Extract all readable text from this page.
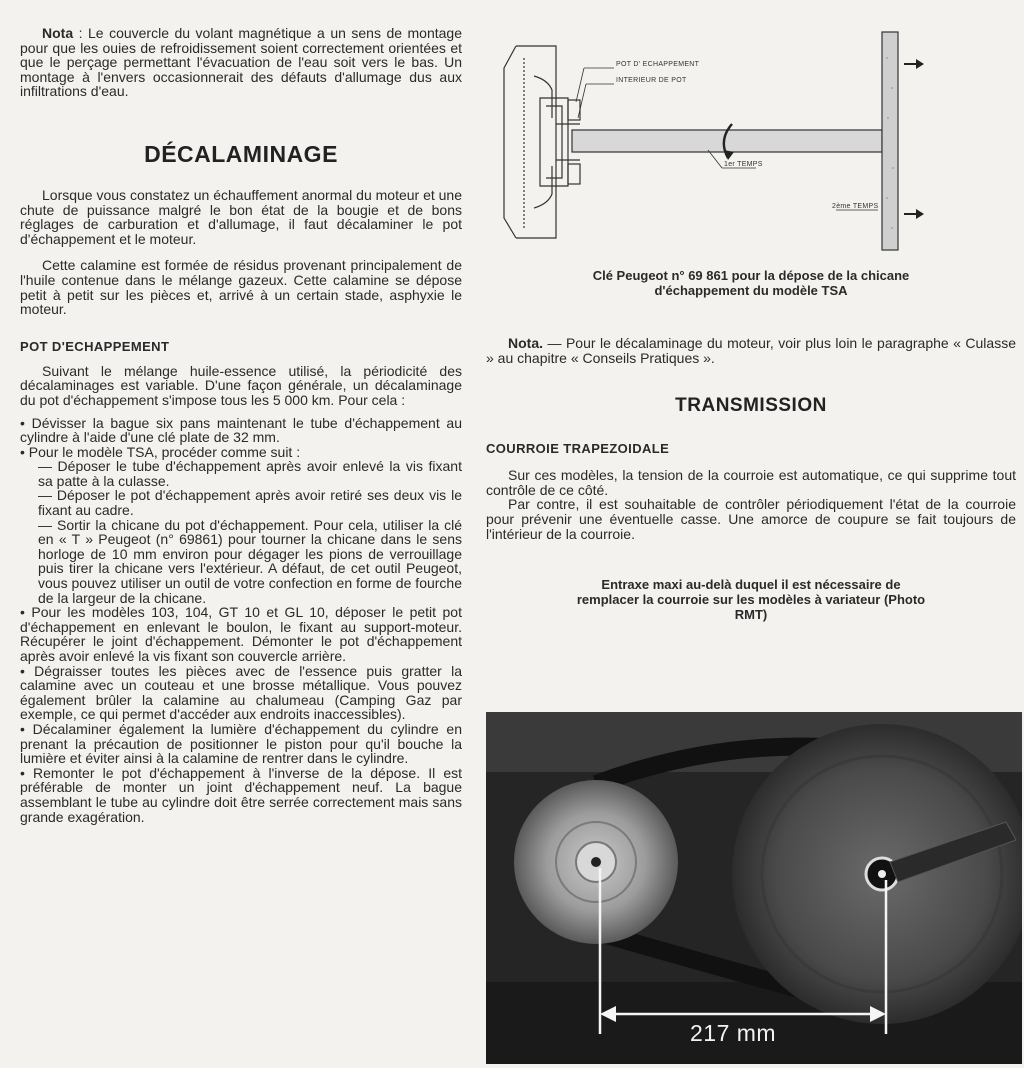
Nota : Le couvercle du volant magnétique a un sens de montage pour que les ouies de refroidissement soient correctement orientées et que le perçage permettant l'évacuation de l'eau soit vers le bas. Un montage à l'envers occasionnerait des défauts d'allumage dus aux infiltrations d'eau.

DÉCALAMINAGE

Lorsque vous constatez un échauffement anormal du moteur et une chute de puissance malgré le bon état de la bougie et de bons réglages de carburation et d'allumage, il faut décalaminer le pot d'échappement et le moteur.

Cette calamine est formée de résidus provenant principalement de l'huile contenue dans le mélange gazeux. Cette calamine se dépose petit à petit sur les pièces et, arrivé à un certain stade, asphyxie le moteur.

POT D'ECHAPPEMENT

Suivant le mélange huile-essence utilisé, la périodicité des décalaminages est variable. D'une façon générale, un décalaminage du pot d'échappement s'impose tous les 5 000 km. Pour cela :

• Dévisser la bague six pans maintenant le tube d'échappement au cylindre à l'aide d'une clé plate de 32 mm.

• Pour le modèle TSA, procéder comme suit :

— Déposer le tube d'échappement après avoir enlevé la vis fixant sa patte à la culasse.

— Déposer le pot d'échappement après avoir retiré ses deux vis le fixant au cadre.

— Sortir la chicane du pot d'échappement. Pour cela, utiliser la clé en « T » Peugeot (n° 69861) pour tourner la chicane dans le sens horloge de 10 mm environ pour dégager les pions de verrouillage puis tirer la chicane vers l'extérieur. A défaut, de cet outil Peugeot, vous pouvez utiliser un outil de votre confection en forme de fourche de la largeur de la chicane.

• Pour les modèles 103, 104, GT 10 et GL 10, déposer le petit pot d'échappement en enlevant le boulon, le fixant au support-moteur. Récupérer le joint d'échappement. Démonter le pot d'échappement après avoir enlevé la vis fixant son couvercle arrière.

• Dégraisser toutes les pièces avec de l'essence puis gratter la calamine avec un couteau et une brosse métallique. Vous pouvez également brûler la calamine au chalumeau (Camping Gaz par exemple, ce qui permet d'accéder aux endroits inaccessibles).

• Décalaminer également la lumière d'échappement du cylindre en prenant la précaution de positionner le piston pour qu'il bouche la lumière et éviter ainsi à la calamine de rentrer dans le cylindre.

• Remonter le pot d'échappement à l'inverse de la dépose. Il est préférable de monter un joint d'échappement neuf. La bague assemblant le tube au cylindre doit être serrée correctement mais sans grande exagération.

POT D' ECHAPPEMENT
INTERIEUR DE POT
1er TEMPS
2ème TEMPS

Clé Peugeot n° 69 861 pour la dépose de la chicane d'échappement du modèle TSA

Nota. — Pour le décalaminage du moteur, voir plus loin le paragraphe « Culasse » au chapitre « Conseils Pratiques ».

TRANSMISSION
COURROIE TRAPEZOIDALE

Sur ces modèles, la tension de la courroie est automatique, ce qui supprime tout contrôle de ce côté.

Par contre, il est souhaitable de contrôler périodiquement l'état de la courroie pour prévenir une éventuelle casse. Une amorce de coupure se fait toujours de l'intérieur de la courroie.

Entraxe maxi au-delà duquel il est nécessaire de remplacer la courroie sur les modèles à variateur (Photo RMT)

217 mm
